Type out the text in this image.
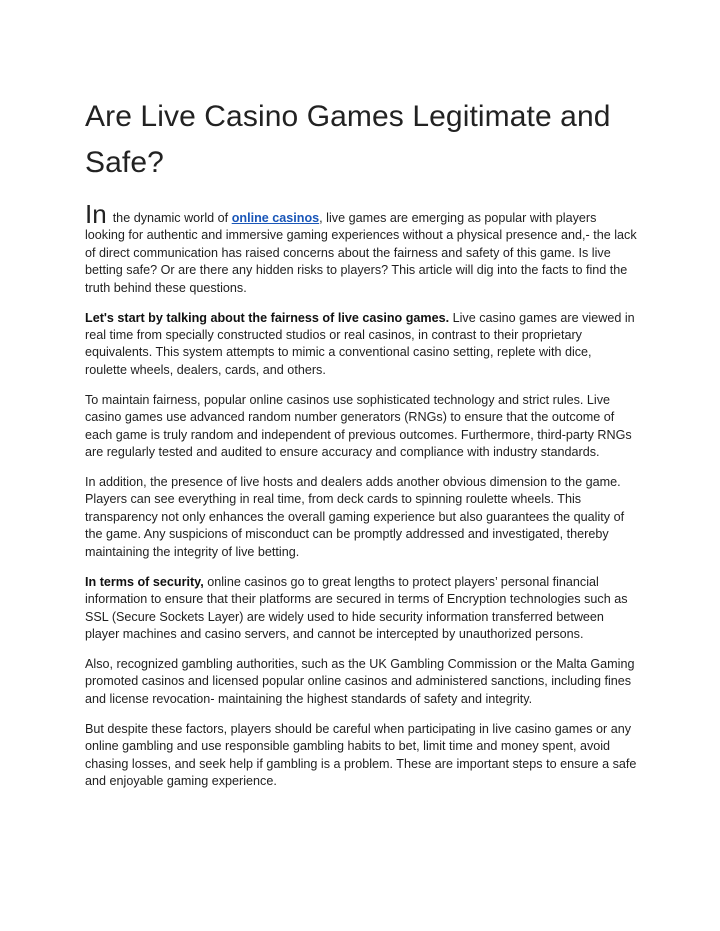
Are Live Casino Games Legitimate and Safe?

In the dynamic world of online casinos, live games are emerging as popular with players looking for authentic and immersive gaming experiences without a physical presence and,- the lack of direct communication has raised concerns about the fairness and safety of this game. Is live betting safe? Or are there any hidden risks to players? This article will dig into the facts to find the truth behind these questions.

Let's start by talking about the fairness of live casino games. Live casino games are viewed in real time from specially constructed studios or real casinos, in contrast to their proprietary equivalents. This system attempts to mimic a conventional casino setting, replete with dice, roulette wheels, dealers, cards, and others.

To maintain fairness, popular online casinos use sophisticated technology and strict rules. Live casino games use advanced random number generators (RNGs) to ensure that the outcome of each game is truly random and independent of previous outcomes. Furthermore, third-party RNGs are regularly tested and audited to ensure accuracy and compliance with industry standards.

In addition, the presence of live hosts and dealers adds another obvious dimension to the game. Players can see everything in real time, from deck cards to spinning roulette wheels. This transparency not only enhances the overall gaming experience but also guarantees the quality of the game. Any suspicions of misconduct can be promptly addressed and investigated, thereby maintaining the integrity of live betting.

In terms of security, online casinos go to great lengths to protect players’ personal financial information to ensure that their platforms are secured in terms of Encryption technologies such as SSL (Secure Sockets Layer) are widely used to hide security information transferred between player machines and casino servers, and cannot be intercepted by unauthorized persons.

Also, recognized gambling authorities, such as the UK Gambling Commission or the Malta Gaming promoted casinos and licensed popular online casinos and administered sanctions, including fines and license revocation- maintaining the highest standards of safety and integrity.

But despite these factors, players should be careful when participating in live casino games or any online gambling and use responsible gambling habits to bet, limit time and money spent, avoid chasing losses, and seek help if gambling is a problem. These are important steps to ensure a safe and enjoyable gaming experience.
